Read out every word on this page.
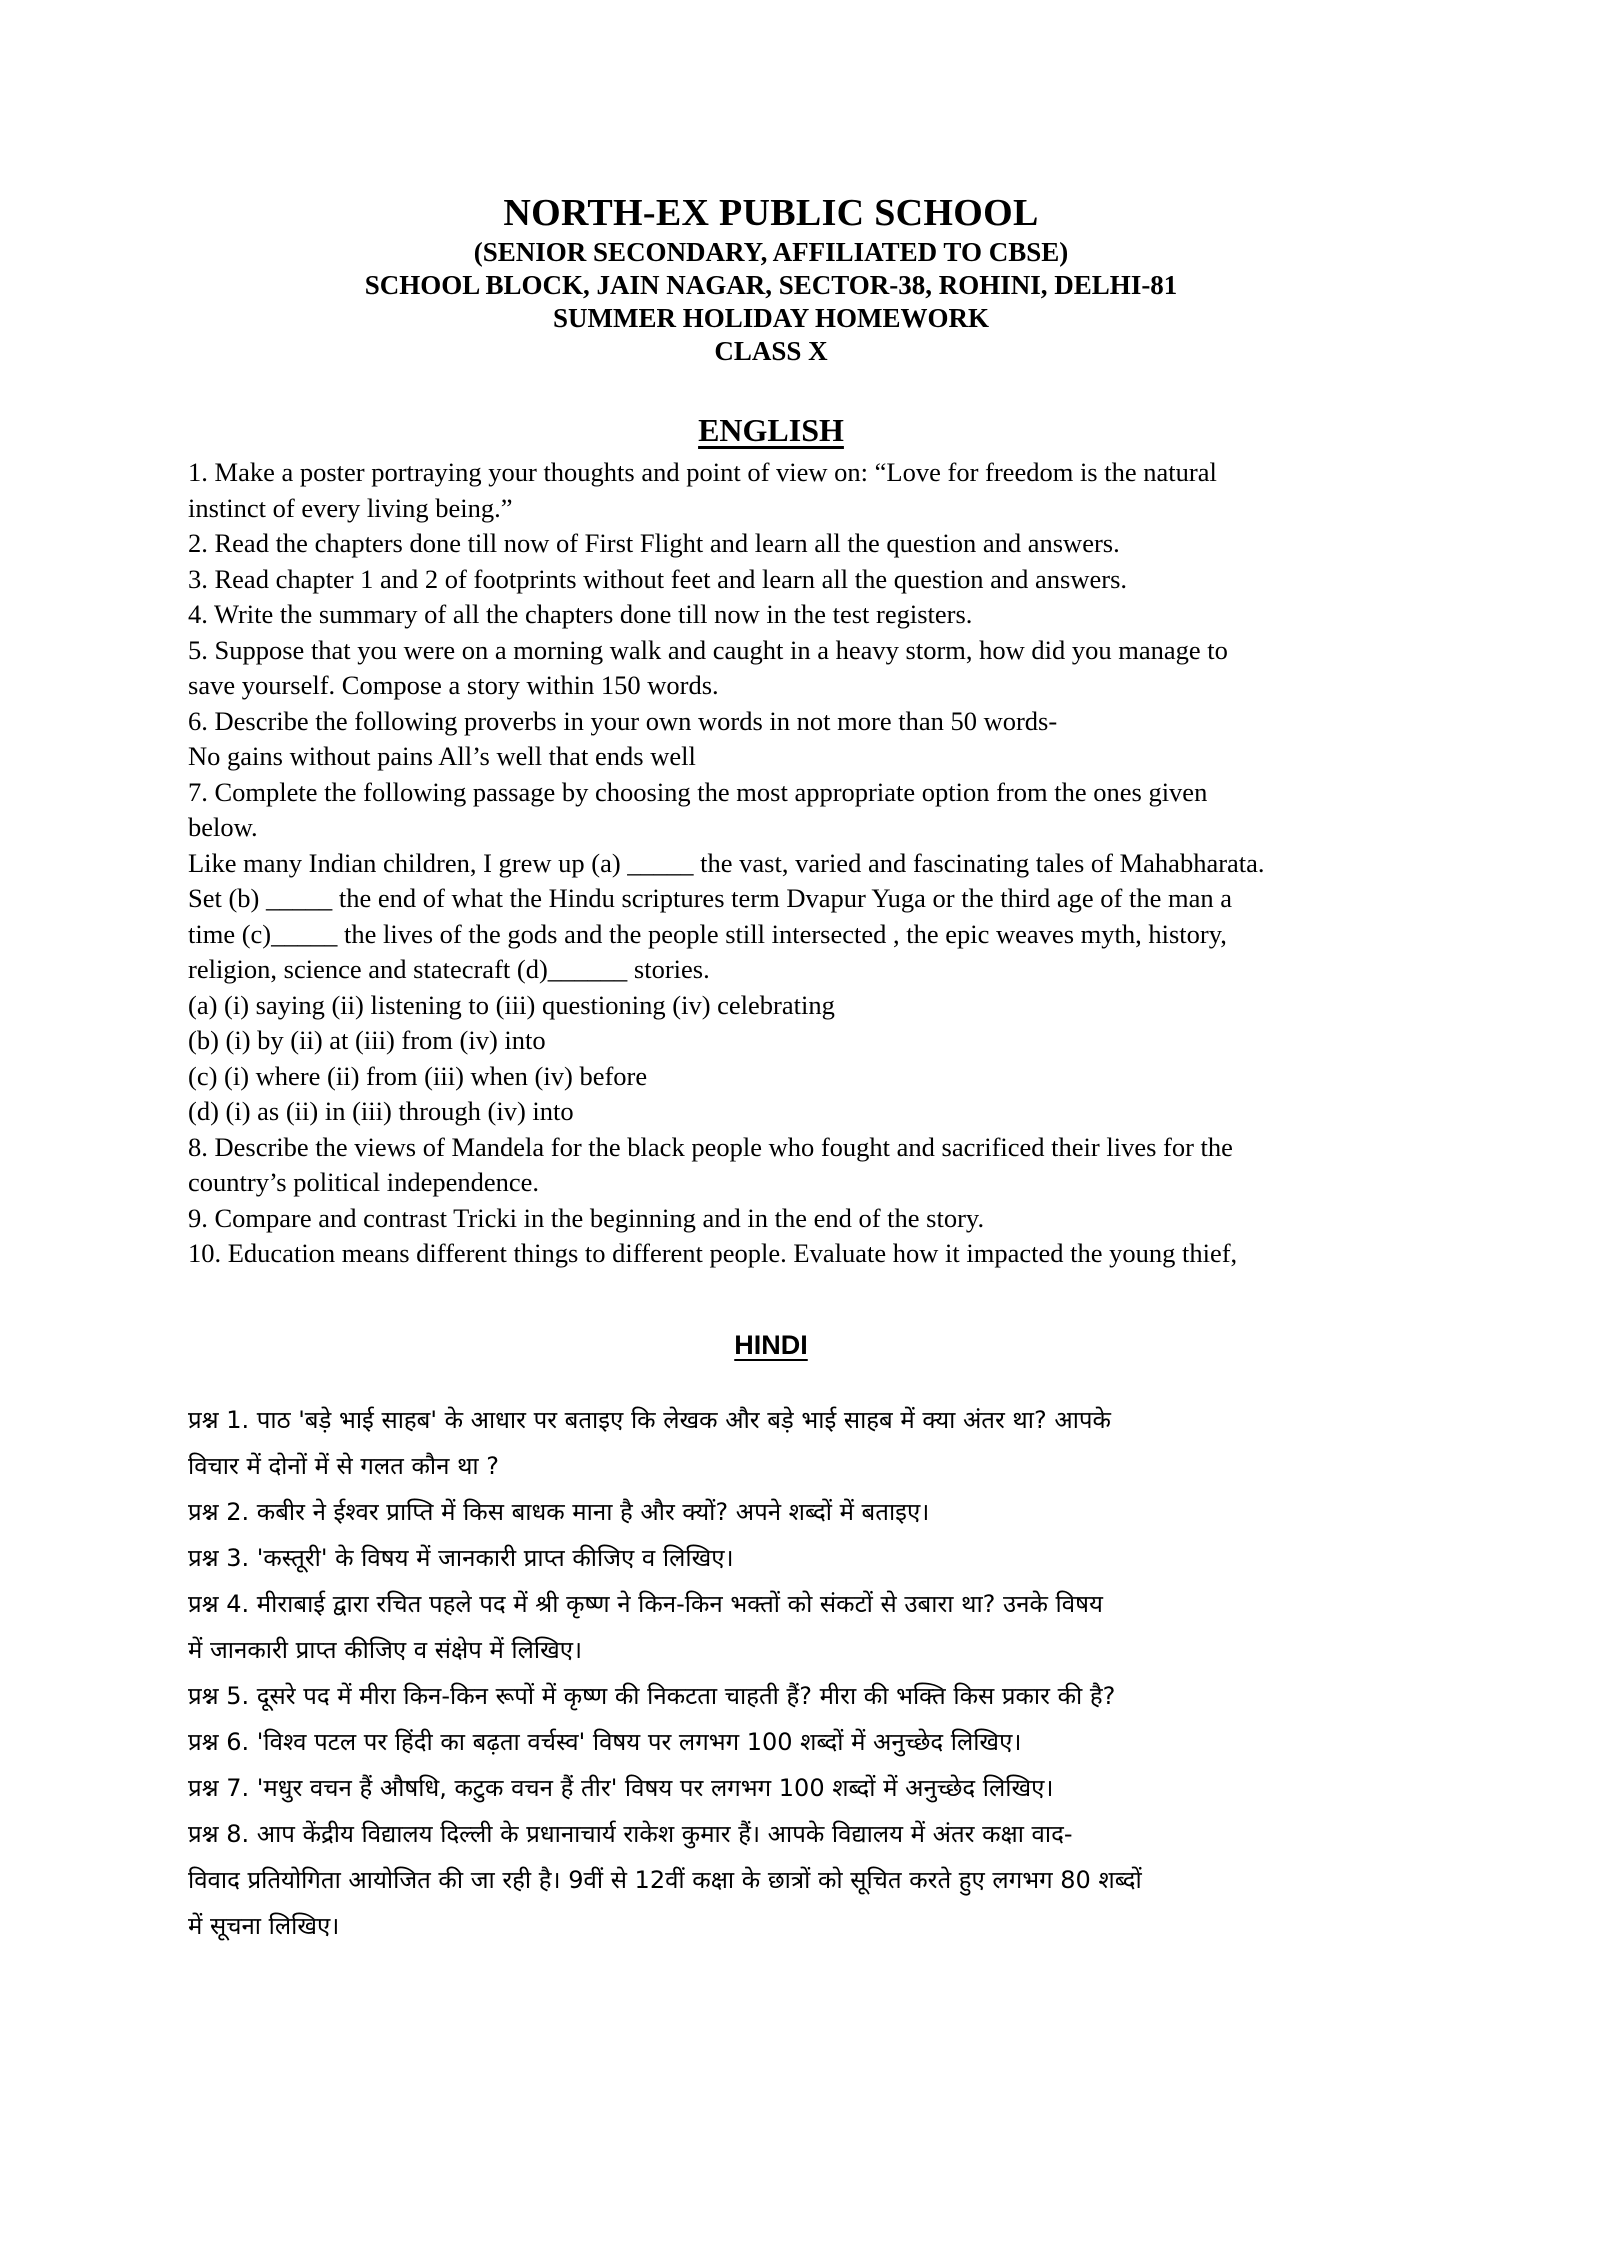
NORTH-EX PUBLIC SCHOOL
(SENIOR SECONDARY, AFFILIATED TO CBSE)
SCHOOL BLOCK, JAIN NAGAR, SECTOR-38, ROHINI, DELHI-81
SUMMER HOLIDAY HOMEWORK
CLASS X
ENGLISH

1. Make a poster portraying your thoughts and point of view on: “Love for freedom is the natural

instinct of every living being.”

2. Read the chapters done till now of First Flight and learn all the question and answers.

3. Read chapter 1 and 2 of footprints without feet and learn all the question and answers.

4. Write the summary of all the chapters done till now in the test registers.

5. Suppose that you were on a morning walk and caught in a heavy storm, how did you manage to

save yourself. Compose a story within 150 words.

6. Describe the following proverbs in your own words in not more than 50 words-

No gains without pains All’s well that ends well

7. Complete the following passage by choosing the most appropriate option from the ones given

below.

Like many Indian children, I grew up (a) _____ the vast, varied and fascinating tales of Mahabharata.

Set (b) _____ the end of what the Hindu scriptures term Dvapur Yuga or the third age of the man a

time (c)_____ the lives of the gods and the people still intersected , the epic weaves myth, history,

religion, science and statecraft (d)______ stories.

(a) (i) saying (ii) listening to (iii) questioning (iv) celebrating

(b) (i) by (ii) at (iii) from (iv) into

(c) (i) where (ii) from (iii) when (iv) before

(d) (i) as (ii) in (iii) through (iv) into

8. Describe the views of Mandela for the black people who fought and sacrificed their lives for the

country’s political independence.

9. Compare and contrast Tricki in the beginning and in the end of the story.

10. Education means different things to different people. Evaluate how it impacted the young thief,

HINDI

प्रश्न 1. पाठ 'बड़े भाई साहब' के आधार पर बताइए कि लेखक और बड़े भाई साहब में क्या अंतर था? आपके

विचार में दोनों में से गलत कौन था ?

प्रश्न 2. कबीर ने ईश्वर प्राप्ति में किस बाधक माना है और क्यों? अपने शब्दों में बताइए।

प्रश्न 3. 'कस्तूरी' के विषय में जानकारी प्राप्त कीजिए व लिखिए।

प्रश्न 4. मीराबाई द्वारा रचित पहले पद में श्री कृष्ण ने किन-किन भक्तों को संकटों से उबारा था? उनके विषय

में जानकारी प्राप्त कीजिए व संक्षेप में लिखिए।

प्रश्न 5. दूसरे पद में मीरा किन-किन रूपों में कृष्ण की निकटता चाहती हैं? मीरा की भक्ति किस प्रकार की है?

प्रश्न 6. 'विश्व पटल पर हिंदी का बढ़ता वर्चस्व' विषय पर लगभग 100 शब्दों में अनुच्छेद लिखिए।

प्रश्न 7. 'मधुर वचन हैं औषधि, कटुक वचन हैं तीर' विषय पर लगभग 100 शब्दों में अनुच्छेद लिखिए।

प्रश्न 8. आप केंद्रीय विद्यालय दिल्ली के प्रधानाचार्य राकेश कुमार हैं। आपके विद्यालय में अंतर कक्षा वाद-

विवाद प्रतियोगिता आयोजित की जा रही है। 9वीं से 12वीं कक्षा के छात्रों को सूचित करते हुए लगभग 80 शब्दों

में सूचना लिखिए।
